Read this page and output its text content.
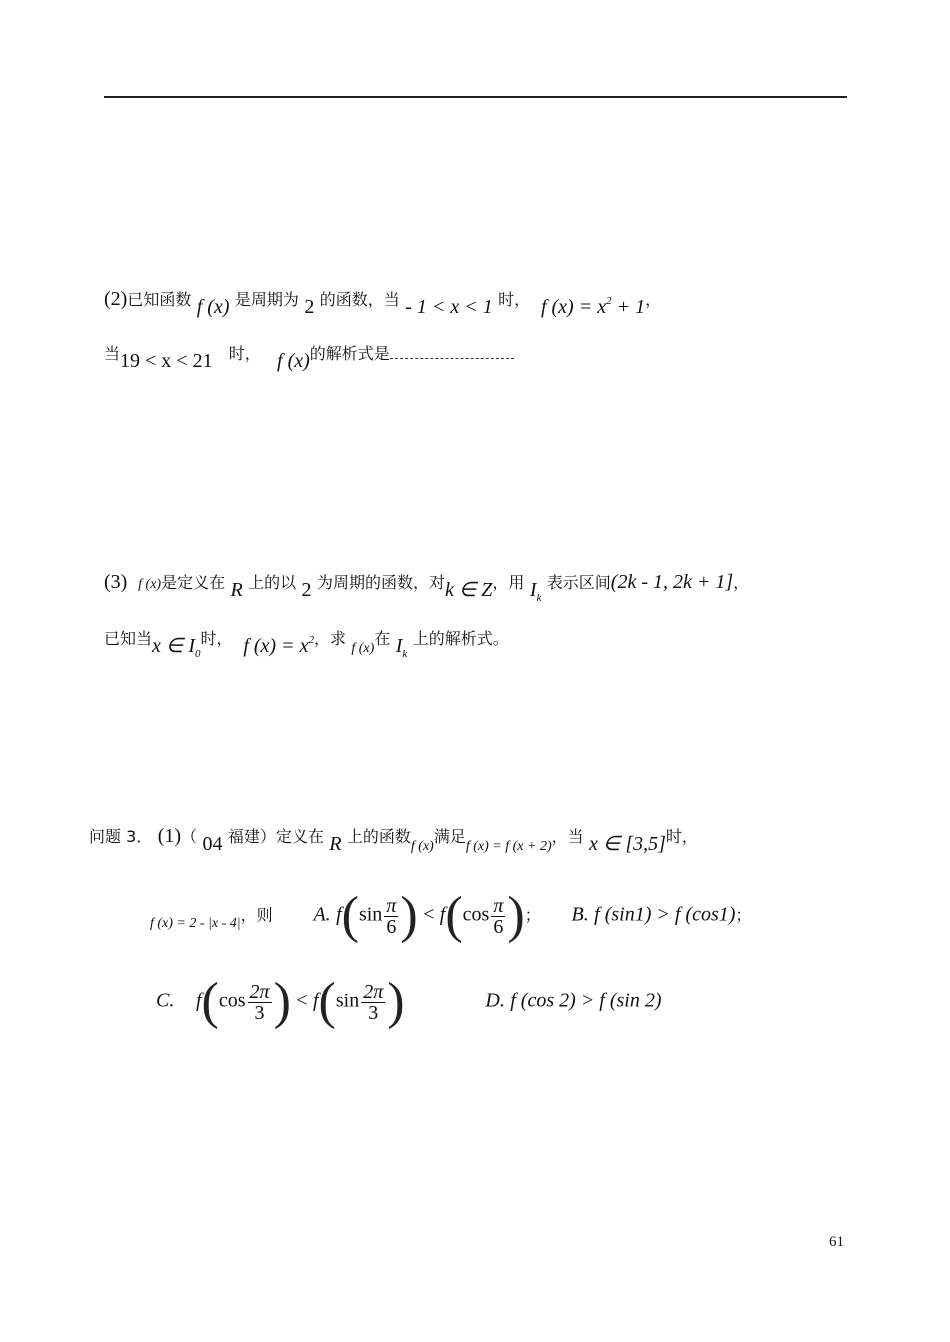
(2)已知函数 f (x) 是周期为 2 的函数，当 - 1 < x < 1 时， f $(x) = x^2 + 1$，
当19 < x < 21 时， f (x)的解析式是
(3) f (x)是定义在 R 上的以 2 为周期的函数，对k ∈ Z，用 $I_k$ 表示区间(2k - 1, 2k + 1]，
已知当x ∈ $I_0$时， f $(x) = x^2$，求 $_{f (x)}$在 $I_k$ 上的解析式。
问题 3． (1)（ 04 福建）定义在 R 上的函数$_{f (x)}$满足$_{f (x) = f (x + 2)}$，当 x ∈ [3,5]时，
$_{f (x) = 2 - |x - 4|}$，则 A. $f(\sin \frac{\pi}{6}$ ) < $f(\cos \frac{\pi}{6}$ )； B. f (sin1) > f (cos1)；
C. $f(\cos \frac{2\pi}{3}$ ) < $f(\sin \frac{2\pi}{3}$ )	D. f (cos 2) > f (sin 2)
61
